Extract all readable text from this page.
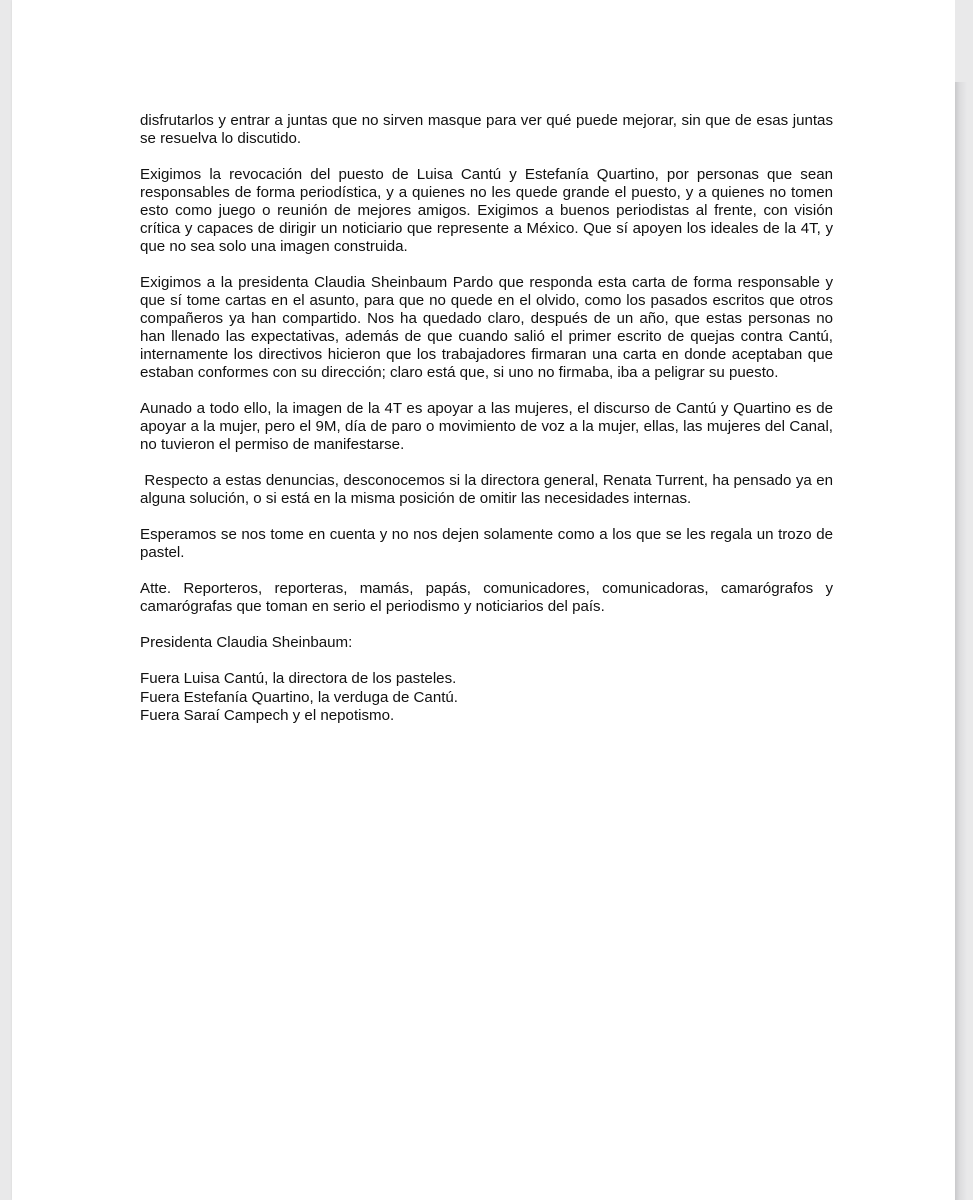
disfrutarlos y entrar a juntas que no sirven masque para ver qué puede mejorar, sin que de esas juntas se resuelva lo discutido.

Exigimos la revocación del puesto de Luisa Cantú y Estefanía Quartino, por personas que sean responsables de forma periodística, y a quienes no les quede grande el puesto, y a quienes no tomen esto como juego o reunión de mejores amigos. Exigimos a buenos periodistas al frente, con visión crítica y capaces de dirigir un noticiario que represente a México. Que sí apoyen los ideales de la 4T, y que no sea solo una imagen construida.

Exigimos a la presidenta Claudia Sheinbaum Pardo que responda esta carta de forma responsable y que sí tome cartas en el asunto, para que no quede en el olvido, como los pasados escritos que otros compañeros ya han compartido. Nos ha quedado claro, después de un año, que estas personas no han llenado las expectativas, además de que cuando salió el primer escrito de quejas contra Cantú, internamente los directivos hicieron que los trabajadores firmaran una carta en donde aceptaban que estaban conformes con su dirección; claro está que, si uno no firmaba, iba a peligrar su puesto.

Aunado a todo ello, la imagen de la 4T es apoyar a las mujeres, el discurso de Cantú y Quartino es de apoyar a la mujer, pero el 9M, día de paro o movimiento de voz a la mujer, ellas, las mujeres del Canal, no tuvieron el permiso de manifestarse.

Respecto a estas denuncias, desconocemos si la directora general, Renata Turrent, ha pensado ya en alguna solución, o si está en la misma posición de omitir las necesidades internas.

Esperamos se nos tome en cuenta y no nos dejen solamente como a los que se les regala un trozo de pastel.

Atte. Reporteros, reporteras, mamás, papás, comunicadores, comunicadoras, camarógrafos y camarógrafas que toman en serio el periodismo y noticiarios del país.

Presidenta Claudia Sheinbaum:

Fuera Luisa Cantú, la directora de los pasteles.
Fuera Estefanía Quartino, la verduga de Cantú.
Fuera Saraí Campech y el nepotismo.
